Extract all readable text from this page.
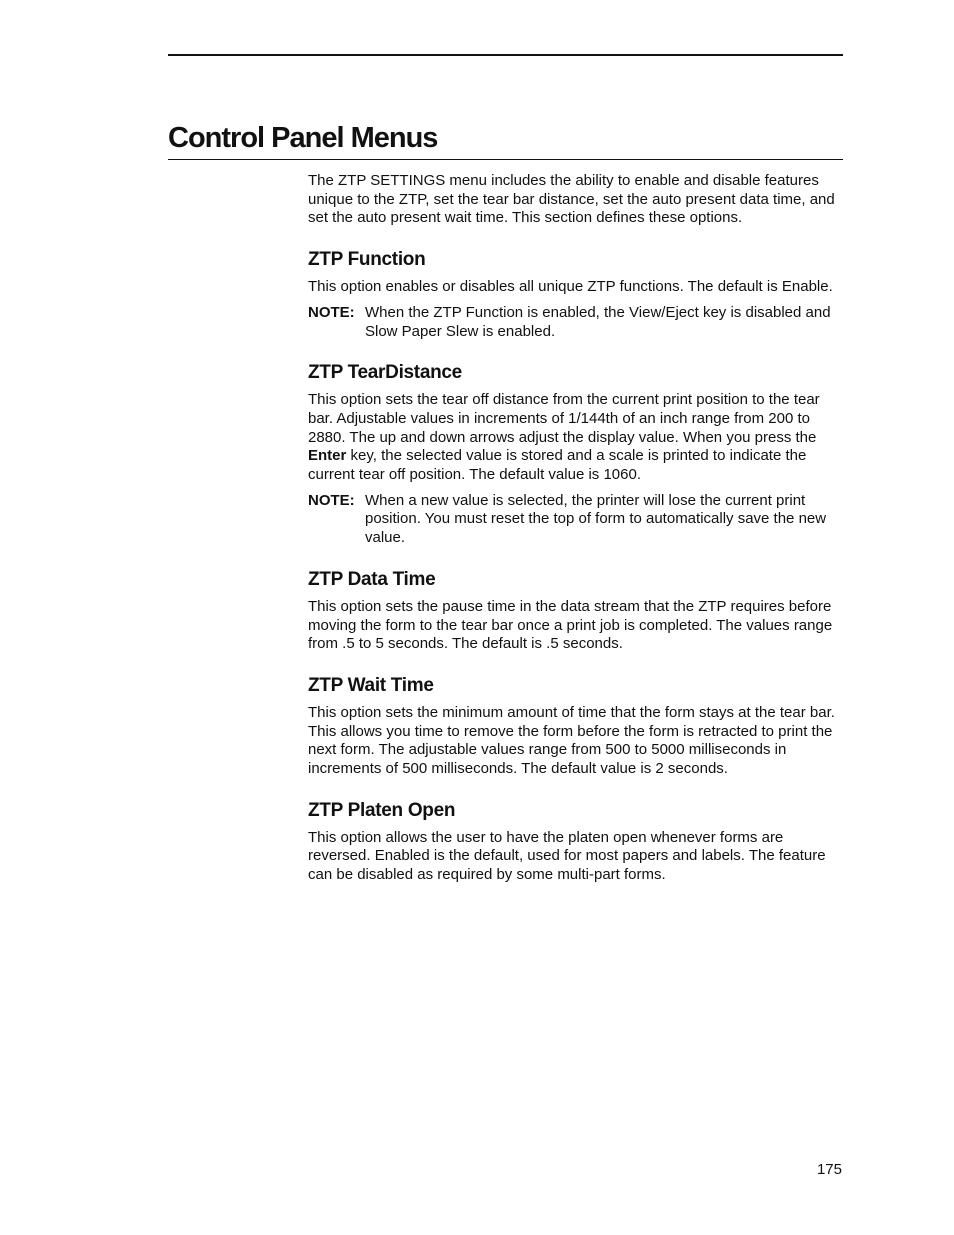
Control Panel Menus

The ZTP SETTINGS menu includes the ability to enable and disable features unique to the ZTP, set the tear bar distance, set the auto present data time, and set the auto present wait time. This section defines these options.

ZTP Function

This option enables or disables all unique ZTP functions. The default is Enable.

NOTE: When the ZTP Function is enabled, the View/Eject key is disabled and Slow Paper Slew is enabled.
ZTP TearDistance

This option sets the tear off distance from the current print position to the tear bar. Adjustable values in increments of 1/144th of an inch range from 200 to 2880. The up and down arrows adjust the display value. When you press the Enter key, the selected value is stored and a scale is printed to indicate the current tear off position. The default value is 1060.

NOTE: When a new value is selected, the printer will lose the current print position. You must reset the top of form to automatically save the new value.
ZTP Data Time

This option sets the pause time in the data stream that the ZTP requires before moving the form to the tear bar once a print job is completed. The values range from .5 to 5 seconds. The default is .5 seconds.

ZTP Wait Time

This option sets the minimum amount of time that the form stays at the tear bar. This allows you time to remove the form before the form is retracted to print the next form. The adjustable values range from 500 to 5000 milliseconds in increments of 500 milliseconds. The default value is 2 seconds.

ZTP Platen Open

This option allows the user to have the platen open whenever forms are reversed. Enabled is the default, used for most papers and labels. The feature can be disabled as required by some multi-part forms.

175
